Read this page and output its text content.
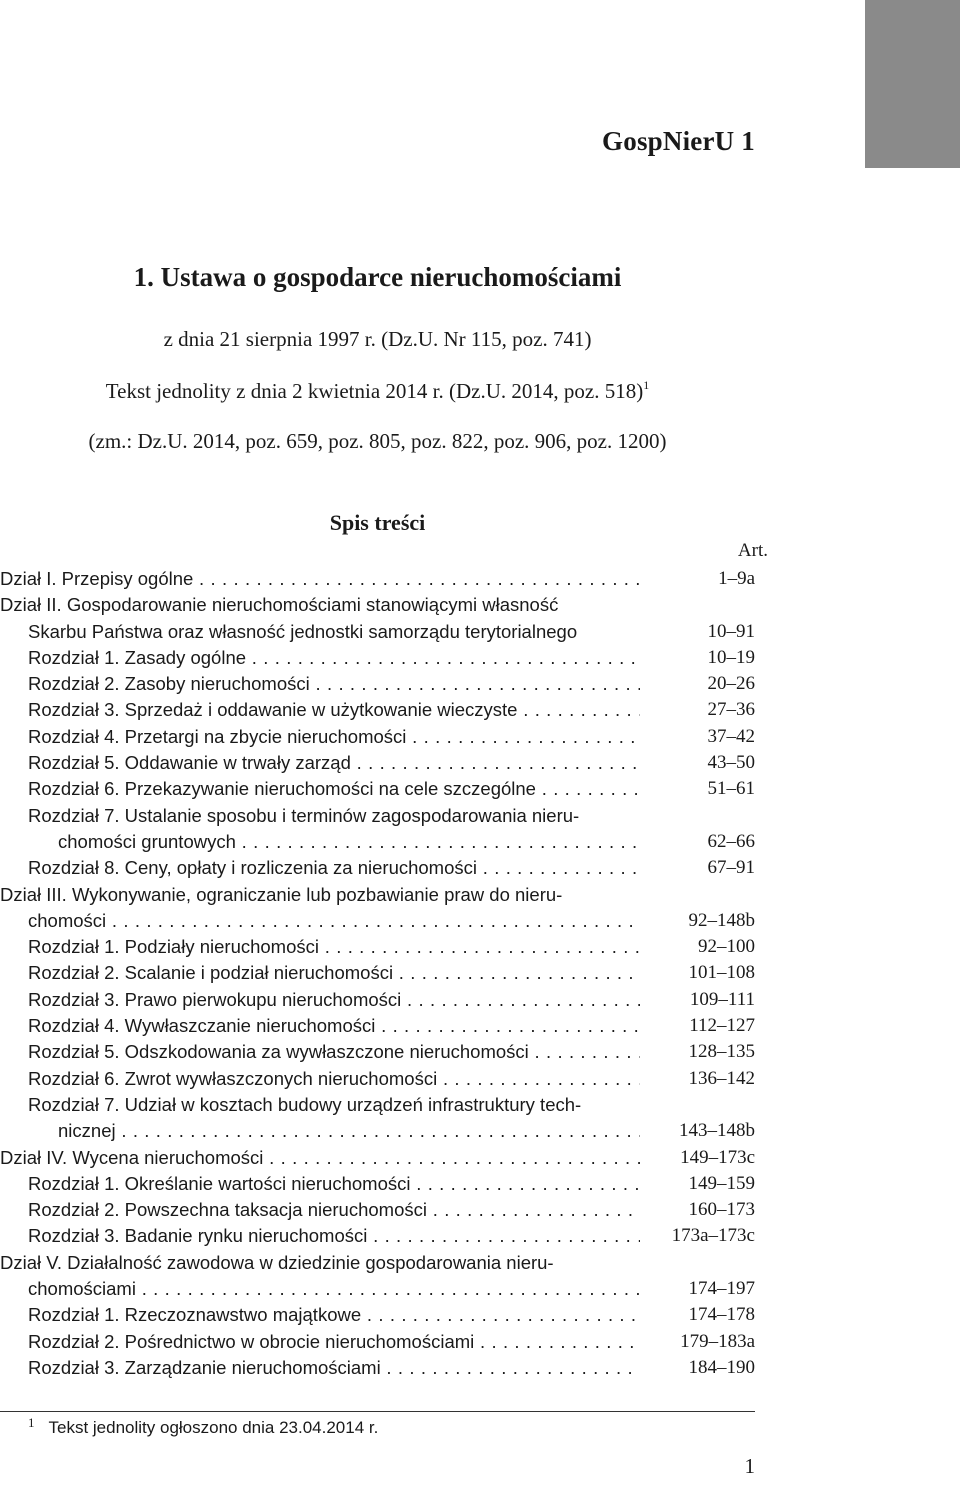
GospNierU 1
1. Ustawa o gospodarce nieruchomościami
z dnia 21 sierpnia 1997 r. (Dz.U. Nr 115, poz. 741)
Tekst jednolity z dnia 2 kwietnia 2014 r. (Dz.U. 2014, poz. 518)$^1$
(zm.: Dz.U. 2014, poz. 659, poz. 805, poz. 822, poz. 906, poz. 1200)
Spis treści
Art.
Dział I. Przepisy ogólne . . .	1–9a
Dział II. Gospodarowanie nieruchomościami stanowiącymi własność
Skarbu Państwa oraz własność jednostki samorządu terytorialnego	10–91
Rozdział 1. Zasady ogólne . . .	10–19
Rozdział 2. Zasoby nieruchomości . . .	20–26
Rozdział 3. Sprzedaż i oddawanie w użytkowanie wieczyste . . .	27–36
Rozdział 4. Przetargi na zbycie nieruchomości . . .	37–42
Rozdział 5. Oddawanie w trwały zarząd . . .	43–50
Rozdział 6. Przekazywanie nieruchomości na cele szczególne . . .	51–61
Rozdział 7. Ustalanie sposobu i terminów zagospodarowania nieru-
chomości gruntowych . . .	62–66
Rozdział 8. Ceny, opłaty i rozliczenia za nieruchomości . . .	67–91
Dział III. Wykonywanie, ograniczanie lub pozbawianie praw do nieru-
chomości . . .	92–148b
Rozdział 1. Podziały nieruchomości . . .	92–100
Rozdział 2. Scalanie i podział nieruchomości . . .	101–108
Rozdział 3. Prawo pierwokupu nieruchomości . . .	109–111
Rozdział 4. Wywłaszczanie nieruchomości . . .	112–127
Rozdział 5. Odszkodowania za wywłaszczone nieruchomości . . .	128–135
Rozdział 6. Zwrot wywłaszczonych nieruchomości . . .	136–142
Rozdział 7. Udział w kosztach budowy urządzeń infrastruktury tech-
nicznej . . .	143–148b
Dział IV. Wycena nieruchomości . . .	149–173c
Rozdział 1. Określanie wartości nieruchomości . . .	149–159
Rozdział 2. Powszechna taksacja nieruchomości . . .	160–173
Rozdział 3. Badanie rynku nieruchomości . . .	173a–173c
Dział V. Działalność zawodowa w dziedzinie gospodarowania nieru-
chomościami . . .	174–197
Rozdział 1. Rzeczoznawstwo majątkowe . . .	174–178
Rozdział 2. Pośrednictwo w obrocie nieruchomościami . . .	179–183a
Rozdział 3. Zarządzanie nieruchomościami . . .	184–190
$^1$ Tekst jednolity ogłoszono dnia 23.04.2014 r.
1
